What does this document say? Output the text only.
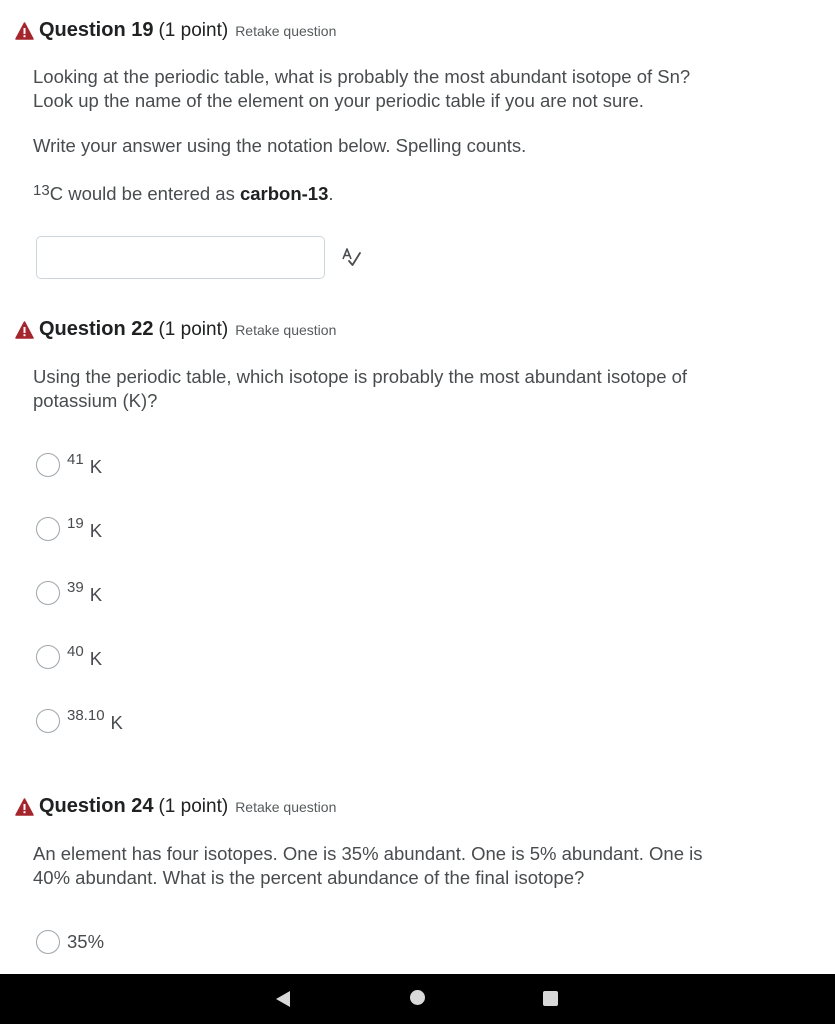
Question 19 (1 point) Retake question
Looking at the periodic table, what is probably the most abundant isotope of Sn?
Look up the name of the element on your periodic table if you are not sure.
Write your answer using the notation below. Spelling counts.
$^{13}$C would be entered as carbon-13.
Question 22 (1 point) Retake question
Using the periodic table, which isotope is probably the most abundant isotope of
potassium (K)?
41 K
19 K
39 K
40 K
38.10 K
Question 24 (1 point) Retake question
An element has four isotopes. One is 35% abundant. One is 5% abundant. One is
40% abundant. What is the percent abundance of the final isotope?
35%
